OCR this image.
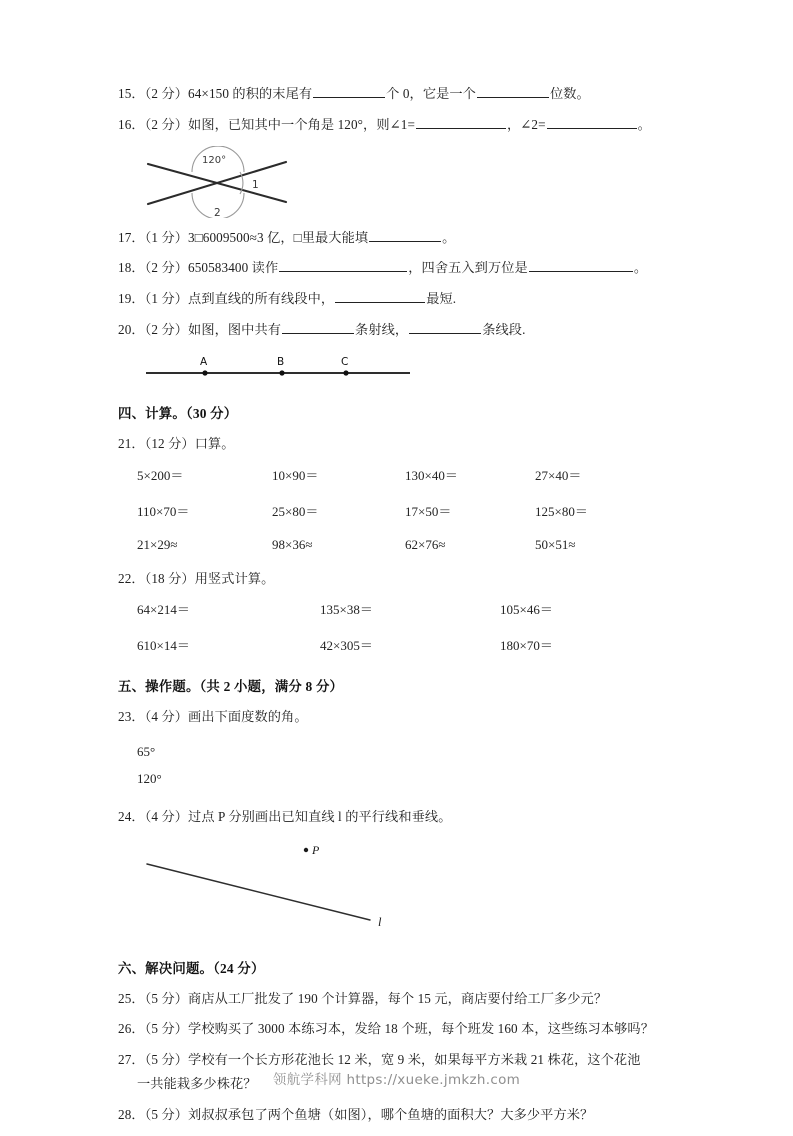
15．（2 分）64×150 的积的末尾有	个 0，它是一个	位数。
16．（2 分）如图，已知其中一个角是 120°，则∠1=	，∠2=	。
120°
1
2
17．（1 分）3□6009500≈3 亿，□里最大能填	。
18．（2 分）650583400 读作	，四舍五入到万位是	。
19．（1 分）点到直线的所有线段中，	最短.
20．（2 分）如图，图中共有	条射线，	条线段.
A	B	C
四、计算。（30 分）
21．（12 分）口算。
5×200＝	10×90＝	130×40＝	27×40＝
110×70＝	25×80＝	17×50＝	125×80＝
21×29≈	98×36≈	62×76≈	50×51≈
22．（18 分）用竖式计算。
64×214＝	135×38＝	105×46＝
610×14＝	42×305＝	180×70＝
五、操作题。（共 2 小题，满分 8 分）
23．（4 分）画出下面度数的角。
65°
120°
24．（4 分）过点 P 分别画出已知直线 l 的平行线和垂线。
P
l
六、解决问题。（24 分）
25．（5 分）商店从工厂批发了 190 个计算器，每个 15 元，商店要付给工厂多少元？
26．（5 分）学校购买了 3000 本练习本，发给 18 个班，每个班发 160 本，这些练习本够吗？
27．（5 分）学校有一个长方形花池长 12 米，宽 9 米，如果每平方米栽 21 株花，这个花池
一共能栽多少株花？
28．（5 分）刘叔叔承包了两个鱼塘（如图），哪个鱼塘的面积大？大多少平方米？
领航学科网 https://xueke.jmkzh.com
